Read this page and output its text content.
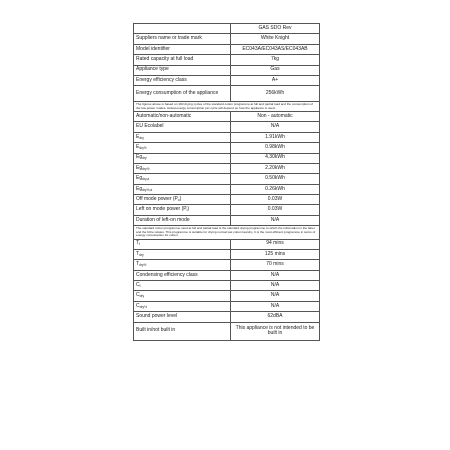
	GAS SDO Rev
Suppliers name or trade mark	White Knight
Model identifier	EC043A/EC043AS/EC043AB
Rated capacity at full load	7kg
Appliance type	Gas
Energy efficiency class	A+
Energy consumption of the appliance	256kWh
The figures above is based on 160 drying cycles of the standard cotton programme at full and partial load and the consumption of the low-power modes. Actual energy consumption per cycle will depend on how the appliance is used.	
Automatic/non-automatic	Non - automatic
EU Ecolabel	N/A
$E_{dry}$	1.91kWh
$E_{dry\frac{1}{2}}$	0.98kWh
$Eg_{dry}$	4.30kWh
$Eg_{dry\frac{1}{2}}$	2.20kWh
$Eg_{dry,a}$	0.50kWh
$Eg_{dry\frac{1}{2},a}$	0.26kWh
Off mode power $(P_o)$	0.03W
Left on mode power $(P_l)$	0.03W
Duration of left-on mode	N/A
The standard cotton programme used at full and partial load is the standard drying programme to which the information in the label and the fiche relates. This programme is suitable for drying normal wet cotton laundry. It is the most efficient programme in terms of energy consumption for cotton.	
$T_t$	94 mins
$T_{dry}$	125 mins
$T_{dry\frac{1}{2}}$	70 mins
Condensing efficiency class	N/A
$C_t$	N/A
$C_{dry}$	N/A
$C_{dry\frac{1}{2}}$	N/A
Sound power level	62dBA
Built in/not built in	This appliance is not intended to be built in
